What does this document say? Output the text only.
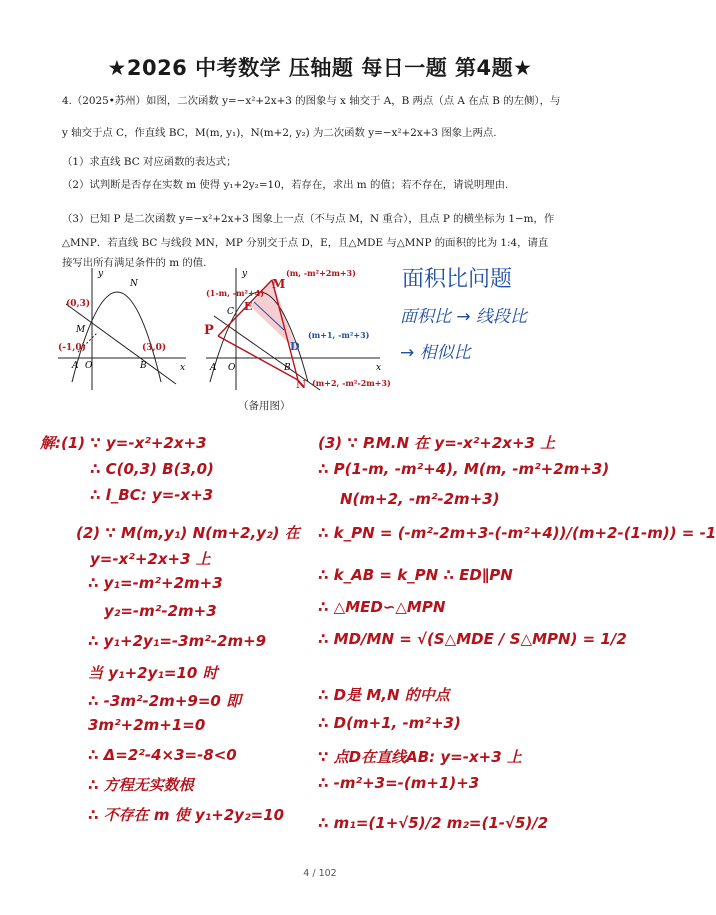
★2026 中考数学 压轴题 每日一题 第4题★
4.（2025•苏州）如图，二次函数 y=−x²+2x+3 的图象与 x 轴交于 A，B 两点（点 A 在点 B 的左侧），与
y 轴交于点 C，作直线 BC，M(m, y₁)，N(m+2, y₂) 为二次函数 y=−x²+2x+3 图象上两点.
（1）求直线 BC 对应函数的表达式；
（2）试判断是否存在实数 m 使得 y₁+2y₂=10，若存在，求出 m 的值；若不存在，请说明理由.
（3）已知 P 是二次函数 y=−x²+2x+3 图象上一点（不与点 M，N 重合），且点 P 的横坐标为 1−m，作
△MNP．若直线 BC 与线段 MN，MP 分别交于点 D，E，且△MDE 与△MNP 的面积的比为 1:4，请直
接写出所有满足条件的 m 的值.
y
x
N
M
A O	B
(0,3)
(3,0)
(-1,0)
y
x
P
E
C
M
D
N
A O	B
(1-m, -m²+4)
(m, -m²+2m+3)
(m+1, -m²+3)
(m+2, -m²-2m+3)
（备用图）
面积比问题
面积比 → 线段比
→ 相似比
解:(1) ∵ y=-x²+2x+3
∴ C(0,3) B(3,0)
∴ l_BC: y=-x+3
(2) ∵ M(m,y₁) N(m+2,y₂) 在
y=-x²+2x+3 上
∴ y₁=-m²+2m+3
y₂=-m²-2m+3
∴ y₁+2y₁=-3m²-2m+9
当 y₁+2y₁=10 时
∴ -3m²-2m+9=0 即
3m²+2m+1=0
∴ Δ=2²-4×3=-8<0
∴ 方程无实数根
∴ 不存在 m 使 y₁+2y₂=10
(3) ∵ P.M.N 在 y=-x²+2x+3 上
∴ P(1-m, -m²+4), M(m, -m²+2m+3)
N(m+2, -m²-2m+3)
∴ k_PN = (-m²-2m+3-(-m²+4))/(m+2-(1-m)) = -1
∴ k_AB = k_PN ∴ ED∥PN
∴ △MED∽△MPN
∴ MD/MN = √(S△MDE / S△MPN) = 1/2
∴ D是 M,N 的中点
∴ D(m+1, -m²+3)
∵ 点D在直线AB: y=-x+3 上
∴ -m²+3=-(m+1)+3
∴ m₁=(1+√5)/2 m₂=(1-√5)/2
4 / 102
